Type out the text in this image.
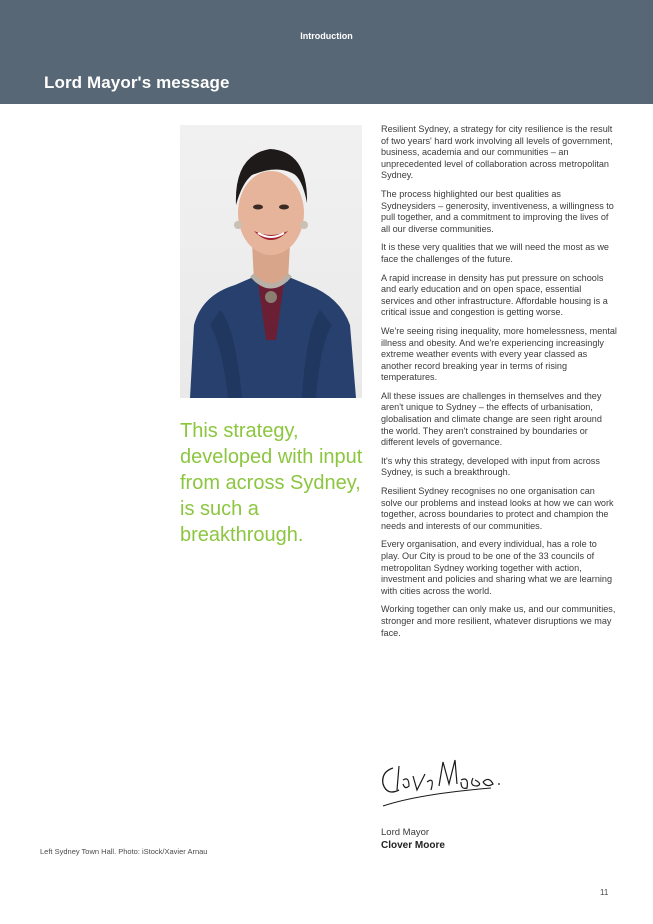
Introduction
Lord Mayor's message

This strategy, developed with input from across Sydney, is such a breakthrough.

Resilient Sydney, a strategy for city resilience is the result of two years' hard work involving all levels of government, business, academia and our communities – an unprecedented level of collaboration across metropolitan Sydney.

The process highlighted our best qualities as Sydneysiders – generosity, inventiveness, a willingness to pull together, and a commitment to improving the lives of all our diverse communities.

It is these very qualities that we will need the most as we face the challenges of the future.

A rapid increase in density has put pressure on schools and early education and on open space, essential services and other infrastructure. Affordable housing is a critical issue and congestion is getting worse.

We're seeing rising inequality, more homelessness, mental illness and obesity. And we're experiencing increasingly extreme weather events with every year classed as another record breaking year in terms of rising temperatures.

All these issues are challenges in themselves and they aren't unique to Sydney – the effects of urbanisation, globalisation and climate change are seen right around the world. They aren't constrained by boundaries or different levels of governance.

It's why this strategy, developed with input from across Sydney, is such a breakthrough.

Resilient Sydney recognises no one organisation can solve our problems and instead looks at how we can work together, across boundaries to protect and champion the needs and interests of our communities.

Every organisation, and every individual, has a role to play. Our City is proud to be one of the 33 councils of metropolitan Sydney working together with action, investment and policies and sharing what we are learning with cities across the world.

Working together can only make us, and our communities, stronger and more resilient, whatever disruptions we may face.

Lord Mayor
Clover Moore
Left Sydney Town Hall. Photo: iStock/Xavier Arnau
11
